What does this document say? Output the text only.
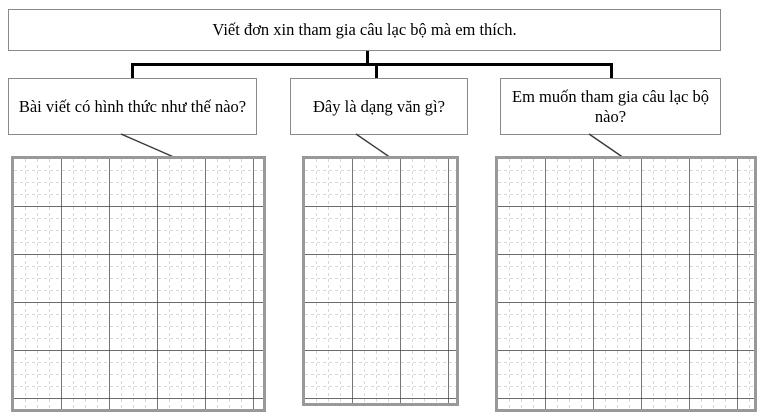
Viết đơn xin tham gia câu lạc bộ mà em thích.
Bài viết có hình thức như thế nào?	Đây là dạng văn gì?
Em muốn tham gia câu lạc bộ nào?
